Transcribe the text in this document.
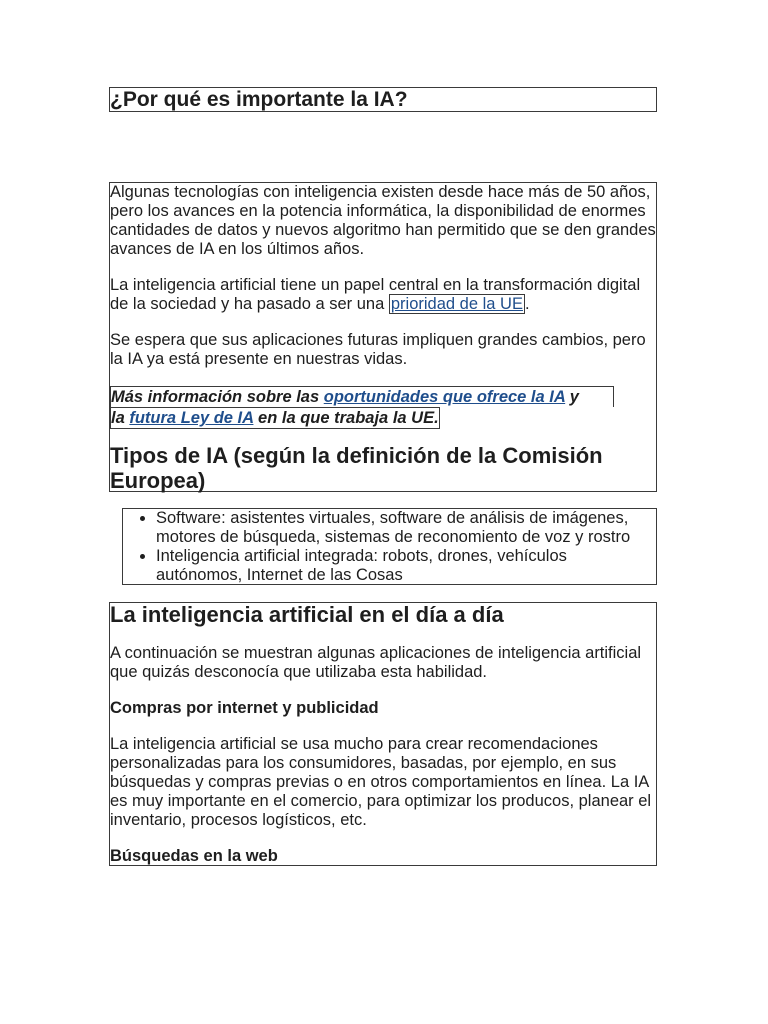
¿Por qué es importante la IA?

Algunas tecnologías con inteligencia existen desde hace más de 50 años, pero los avances en la potencia informática, la disponibilidad de enormes cantidades de datos y nuevos algoritmo han permitido que se den grandes avances de IA en los últimos años.

La inteligencia artificial tiene un papel central en la transformación digital de la sociedad y ha pasado a ser una prioridad de la UE .

Se espera que sus aplicaciones futuras impliquen grandes cambios, pero la IA ya está presente en nuestras vidas.

Más información sobre las oportunidades que ofrece la IA y
la futura Ley de IA en la que trabaja la UE.
Tipos de IA (según la definición de la Comisión Europea)
• Software: asistentes virtuales, software de análisis de imágenes, motores de búsqueda, sistemas de reconomiento de voz y rostro
• Inteligencia artificial integrada: robots, drones, vehículos autónomos, Internet de las Cosas
La inteligencia artificial en el día a día

A continuación se muestran algunas aplicaciones de inteligencia artificial que quizás desconocía que utilizaba esta habilidad.

Compras por internet y publicidad

La inteligencia artificial se usa mucho para crear recomendaciones personalizadas para los consumidores, basadas, por ejemplo, en sus búsquedas y compras previas o en otros comportamientos en línea. La IA es muy importante en el comercio, para optimizar los producos, planear el inventario, procesos logísticos, etc.

Búsquedas en la web
